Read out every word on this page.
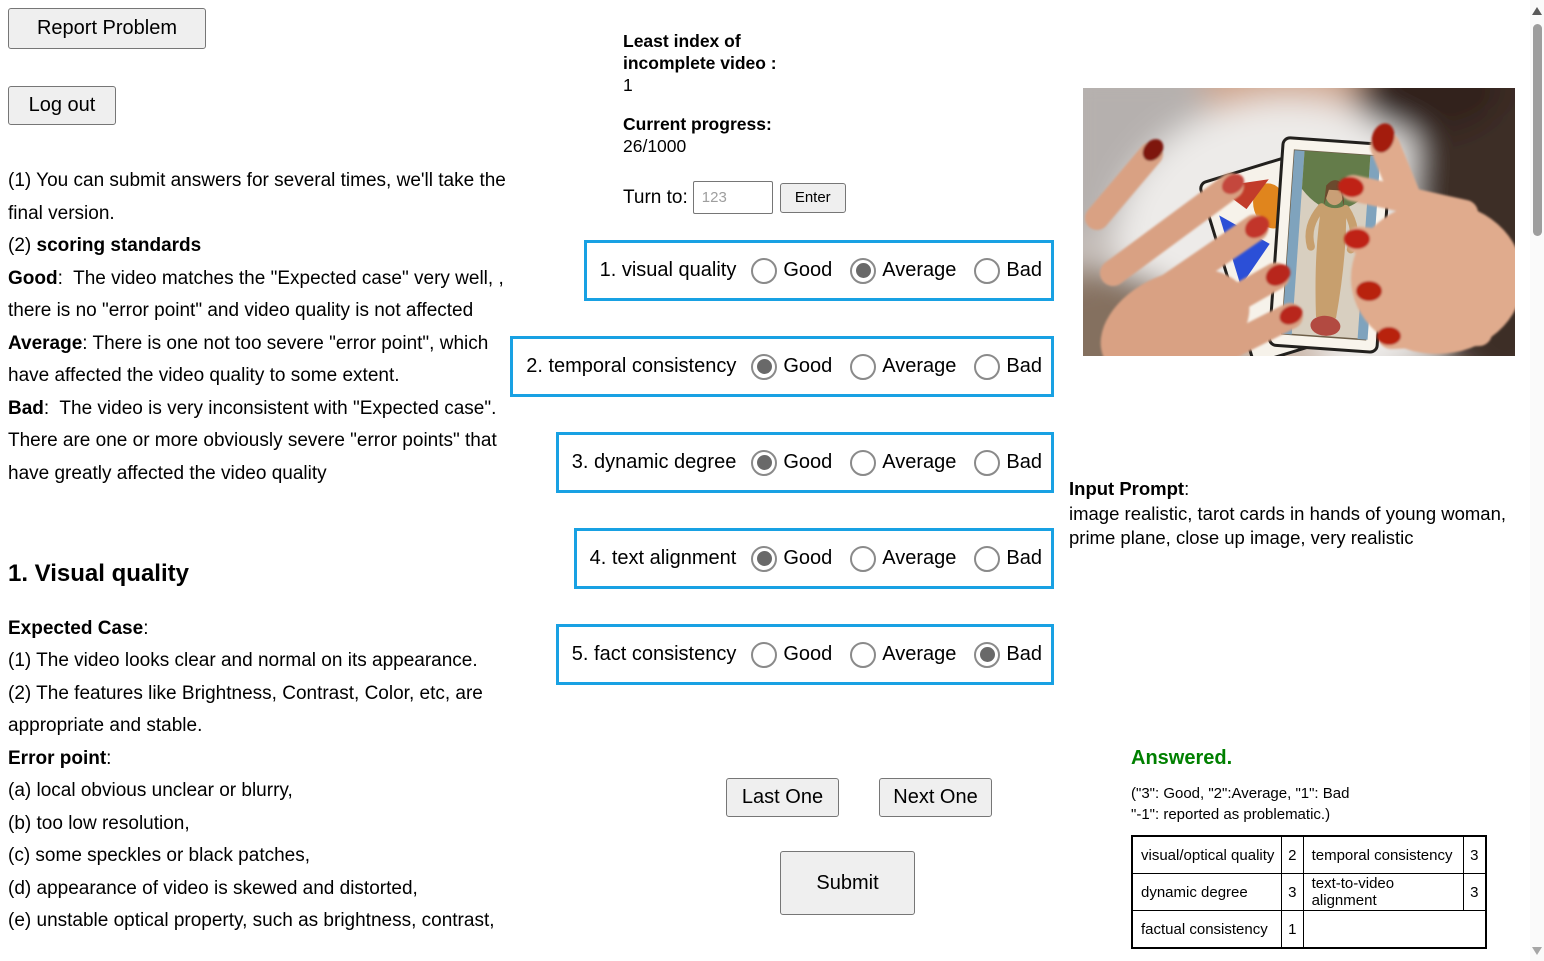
Report Problem
Log out

(1) You can submit answers for several times, we'll take the final version.

(2) scoring standards

Good:  The video matches the "Expected case" very well, , there is no "error point" and video quality is not affected

Average: There is one not too severe "error point", which have affected the video quality to some extent.

Bad:  The video is very inconsistent with "Expected case". There are one or more obviously severe "error points" that have greatly affected the video quality

1. Visual quality

Expected Case:

(1) The video looks clear and normal on its appearance.

(2) The features like Brightness, Contrast, Color, etc, are appropriate and stable.

Error point:

(a) local obvious unclear or blurry,

(b) too low resolution,

(c) some speckles or black patches,

(d) appearance of video is skewed and distorted,

(e) unstable optical property, such as brightness, contrast,

Least index of incomplete video :
1
Current progress:
26/1000
Turn to:
123	Enter
1. visual quality Good	Average	Bad
2. temporal consistency Good	Average	Bad
3. dynamic degree Good	Average	Bad
4. text alignment Good	Average	Bad
5. fact consistency Good	Average	Bad
Last One	Next One
Submit
Input Prompt:
image realistic, tarot cards in hands of young woman, prime plane, close up image, very realistic

Answered.

("3": Good, "2":Average, "1": Bad
"-1": reported as problematic.)
visual/optical quality	2	temporal consistency	3
dynamic degree	3	text-to-video alignment	3
factual consistency	1		
